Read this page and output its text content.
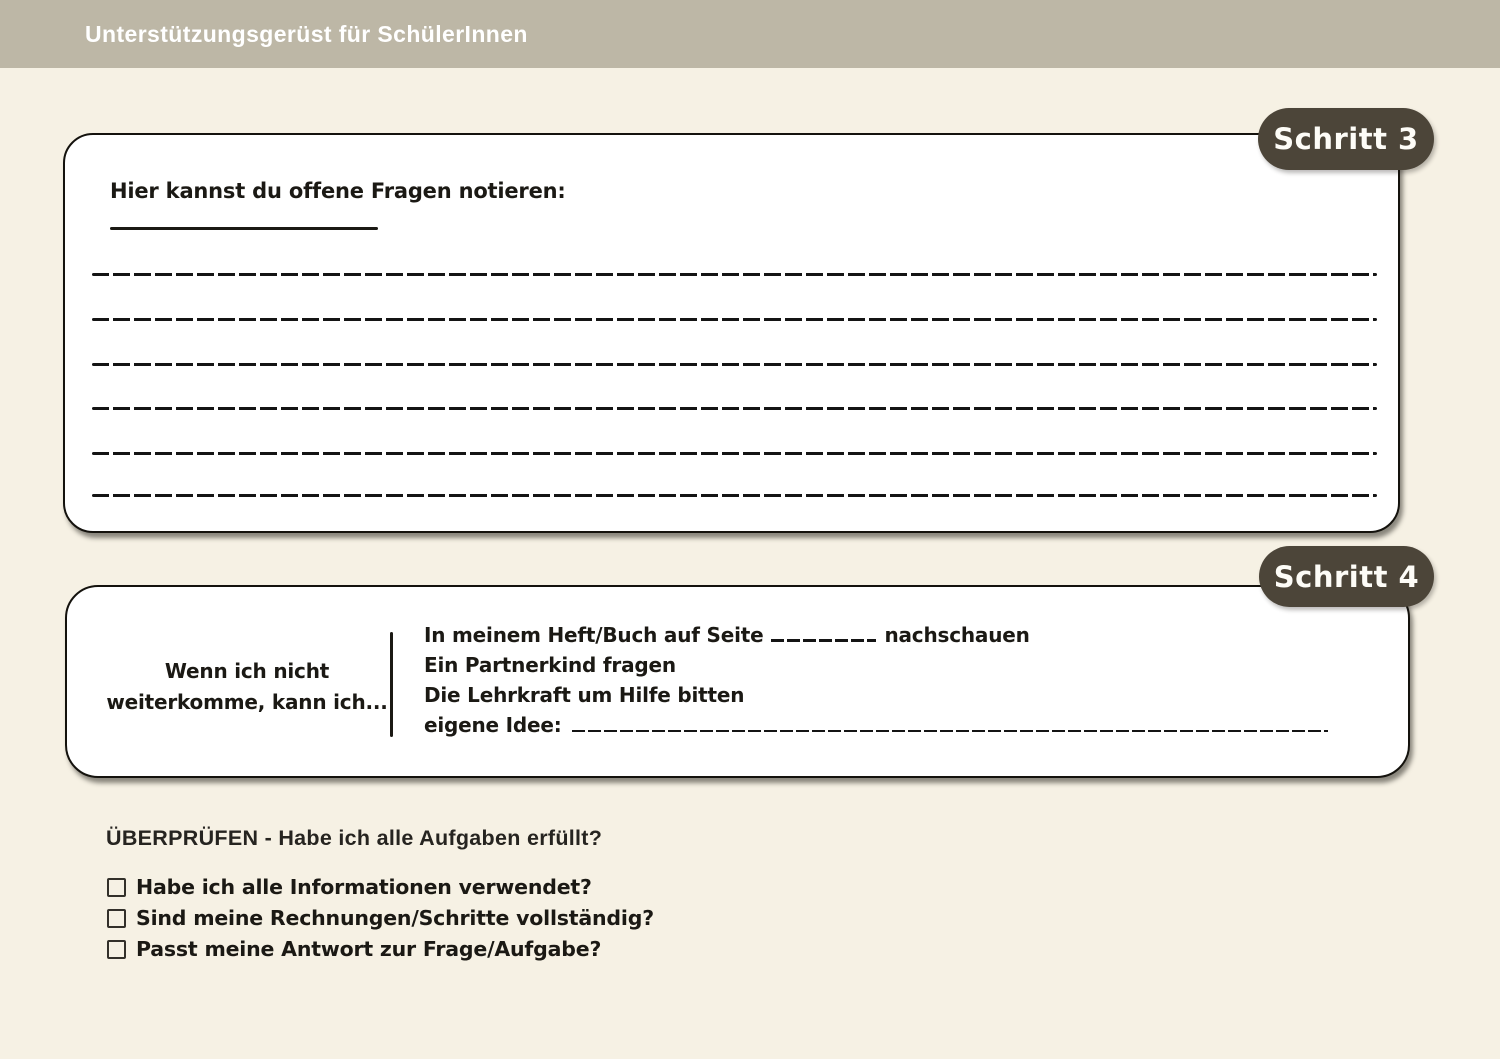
Unterstützungsgerüst für SchülerInnen
Hier kannst du offene Fragen notieren:
Schritt 3
Wenn ich nicht weiterkomme, kann ich...
In meinem Heft/Buch auf Seite	nachschauen
Ein Partnerkind fragen
Die Lehrkraft um Hilfe bitten
eigene Idee:
Schritt 4
ÜBERPRÜFEN - Habe ich alle Aufgaben erfüllt?
Habe ich alle Informationen verwendet?
Sind meine Rechnungen/Schritte vollständig?
Passt meine Antwort zur Frage/Aufgabe?
